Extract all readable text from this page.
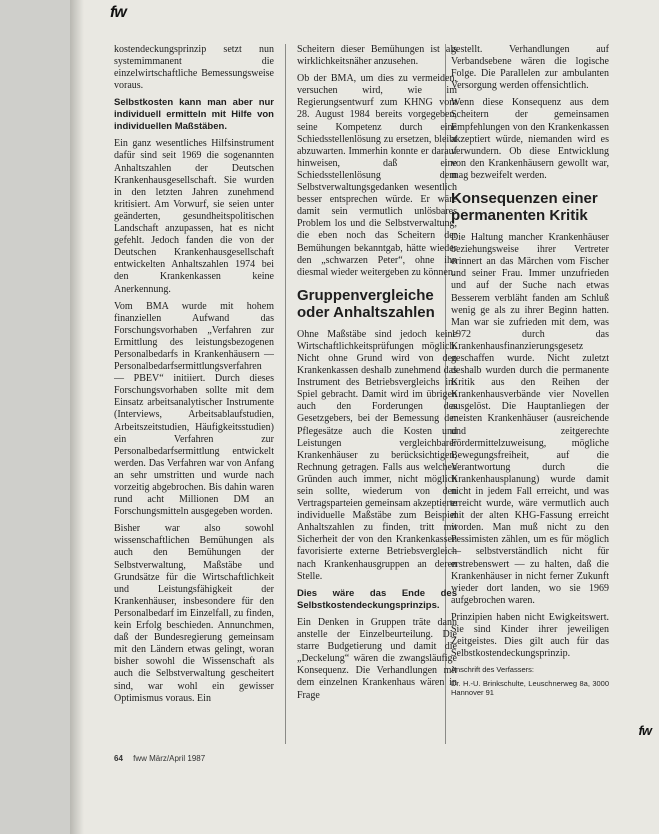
fw

kostendeckungsprinzip setzt nun systemimmanent die einzelwirtschaftliche Bemessungsweise voraus.

Selbstkosten kann man aber nur individuell ermitteln mit Hilfe von individuellen Maßstäben.

Ein ganz wesentliches Hilfsinstrument dafür sind seit 1969 die sogenannten Anhaltszahlen der Deutschen Krankenhausgesellschaft. Sie wurden in den letzten Jahren zunehmend kritisiert. Am Vorwurf, sie seien unter geänderten, gesundheitspolitischen Landschaft anzupassen, hat es nicht gefehlt. Jedoch fanden die von der Deutschen Krankenhausgesellschaft entwickelten Anhaltszahlen 1974 bei den Krankenkassen keine Anerkennung.

Vom BMA wurde mit hohem finanziellen Aufwand das Forschungsvorhaben „Verfahren zur Ermittlung des leistungsbezogenen Personalbedarfs in Krankenhäusern — Personalbedarfsermittlungsverfahren — PBEV“ initiiert. Durch dieses Forschungsvorhaben sollte mit dem Einsatz arbeitsanalytischer Instrumente (Interviews, Arbeitsablaufstudien, Arbeitszeitstudien, Häufigkeitsstudien) ein Verfahren zur Personalbedarfsermittlung entwickelt werden. Das Verfahren war von Anfang an sehr umstritten und wurde nach vorzeitig abgebrochen. Bis dahin waren rund acht Millionen DM an Forschungsmitteln ausgegeben worden.

Bisher war also sowohl wissenschaftlichen Bemühungen als auch den Bemühungen der Selbstverwaltung, Maßstäbe und Grundsätze für die Wirtschaftlichkeit und Leistungsfähigkeit der Krankenhäuser, insbesondere für den Personalbedarf im Einzelfall, zu finden, kein Erfolg beschieden. Annunchmen, daß der Bundesregierung gemeinsam mit den Ländern etwas gelingt, woran bisher sowohl die Wissenschaft als auch die Selbstverwaltung gescheitert sind, war wohl ein gewisser Optimismus voraus. Ein

Scheitern dieser Bemühungen ist als wirklichkeitsnäher anzusehen.

Ob der BMA, um dies zu vermeiden, versuchen wird, wie im Regierungsentwurf zum KHNG vom 28. August 1984 bereits vorgegeben, seine Kompetenz durch eine Schiedsstellenlösung zu ersetzen, bleibt abzuwarten. Immerhin konnte er darauf hinweisen, daß eine Schiedsstellenlösung dem Selbstverwaltungsgedanken wesentlich besser entsprechen würde. Er wäre damit sein vermutlich unlösbares Problem los und die Selbstverwaltung, die eben noch das Scheitern der Bemühungen bekanntgab, hätte wieder den „schwarzen Peter“, ohne ihn diesmal wieder weitergeben zu können.

Gruppenvergleiche oder Anhaltszahlen

Ohne Maßstäbe sind jedoch keine Wirtschaftlichkeitsprüfungen möglich. Nicht ohne Grund wird von den Krankenkassen deshalb zunehmend das Instrument des Betriebsvergleichs ins Spiel gebracht. Damit wird im übrigen auch den Forderungen des Gesetzgebers, bei der Bemessung der Pflegesätze auch die Kosten und Leistungen vergleichbarer Krankenhäuser zu berücksichtigen, Rechnung getragen. Falls aus welchen Gründen auch immer, nicht möglich sein sollte, wiederum von den Vertragsparteien gemeinsam akzeptierte individuelle Maßstäbe zum Beispiel Anhaltszahlen zu finden, tritt mit Sicherheit der von den Krankenkassen favorisierte externe Betriebsvergleich nach Krankenhausgruppen an deren Stelle.

Dies wäre das Ende des Selbstkostendeckungsprinzips.

Ein Denken in Gruppen träte dann anstelle der Einzelbeurteilung. Die starre Budgetierung und damit die „Deckelung“ wären die zwangsläufige Konsequenz. Die Verhandlungen mit dem einzelnen Krankenhaus wären in Frage

gestellt. Verhandlungen auf Verbandsebene wären die logische Folge. Die Parallelen zur ambulanten Versorgung werden offensichtlich.

Wenn diese Konsequenz aus dem Scheitern der gemeinsamen Empfehlungen von den Krankenkassen akzeptiert würde, niemanden wird es verwundern. Ob diese Entwicklung von den Krankenhäusern gewollt war, mag bezweifelt werden.

Konsequenzen einer permanenten Kritik

Die Haltung mancher Krankenhäuser beziehungsweise ihrer Vertreter erinnert an das Märchen vom Fischer und seiner Frau. Immer unzufrieden und auf der Suche nach etwas Besserem verbläht fanden am Schluß wenig ge als zu ihrer Beginn hatten. Man war sie zufrieden mit dem, was 1972 durch das Krankenhausfinanzierungsgesetz geschaffen wurde. Nicht zuletzt deshalb wurden durch die permanente Kritik aus den Reihen der Krankenhausverbände vier Novellen ausgelöst. Die Hauptanliegen der meisten Krankenhäuser (ausreichende und zeitgerechte Fördermittelzuweisung, mögliche Bewegungsfreiheit, auf die Verantwortung durch die Krankenhausplanung) wurde damit nicht in jedem Fall erreicht, und was erreicht wurde, wäre vermutlich auch mit der alten KHG-Fassung erreicht worden. Man muß nicht zu den Pessimisten zählen, um es für möglich — selbstverständlich nicht für erstrebenswert — zu halten, daß die Krankenhäuser in nicht ferner Zukunft wieder dort landen, wo sie 1969 aufgebrochen waren.

Prinzipien haben nicht Ewigkeitswert. Sie sind Kinder ihrer jeweiligen Zeitgeistes. Dies gilt auch für das Selbstkostendeckungsprinzip.

Anschrift des Verfassers:

Dr. H.-U. Brinkschulte, Leuschnerweg 8a, 3000 Hannover 91

fw
64 fww März/April 1987
